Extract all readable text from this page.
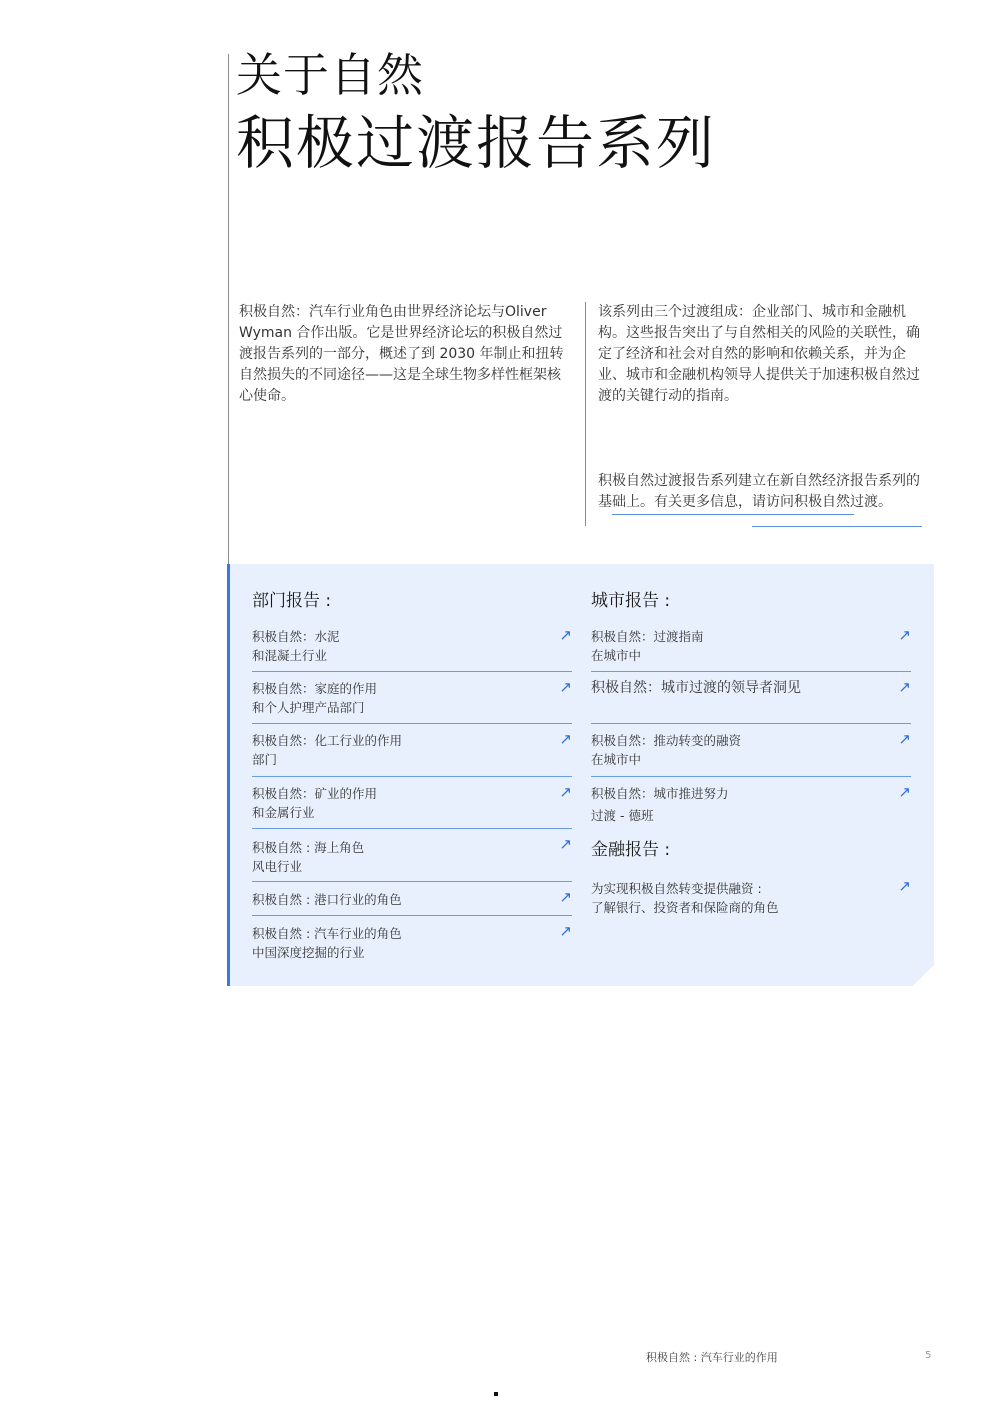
关于自然
积极过渡报告系列
积极自然：汽车行业角色由世界经济论坛与Oliver Wyman 合作出版。它是世界经济论坛的积极自然过渡报告系列的一部分，概述了到 2030 年制止和扭转自然损失的不同途径——这是全球生物多样性框架核心使命。
该系列由三个过渡组成：企业部门、城市和金融机构。这些报告突出了与自然相关的风险的关联性，确定了经济和社会对自然的影响和依赖关系，并为企业、城市和金融机构领导人提供关于加速积极自然过渡的关键行动的指南。
积极自然过渡报告系列建立在新自然经济报告系列的基础上。有关更多信息，请访问积极自然过渡。
部门报告 :
积极自然：水泥
和混凝土行业
↗
积极自然：家庭的作用
和个人护理产品部门
↗
积极自然：化工行业的作用
部门
↗
积极自然：矿业的作用
和金属行业
↗
积极自然 : 海上角色
风电行业
↗
积极自然 : 港口行业的角色	↗
积极自然 : 汽车行业的角色
中国深度挖掘的行业
↗
城市报告 :
积极自然：过渡指南
在城市中
↗
积极自然：城市过渡的领导者洞见	↗
积极自然：推动转变的融资
在城市中
↗
积极自然：城市推进努力
过渡 - 德班
↗
金融报告 :
为实现积极自然转变提供融资 :
了解银行、投资者和保险商的角色
↗
积极自然 : 汽车行业的作用	5
